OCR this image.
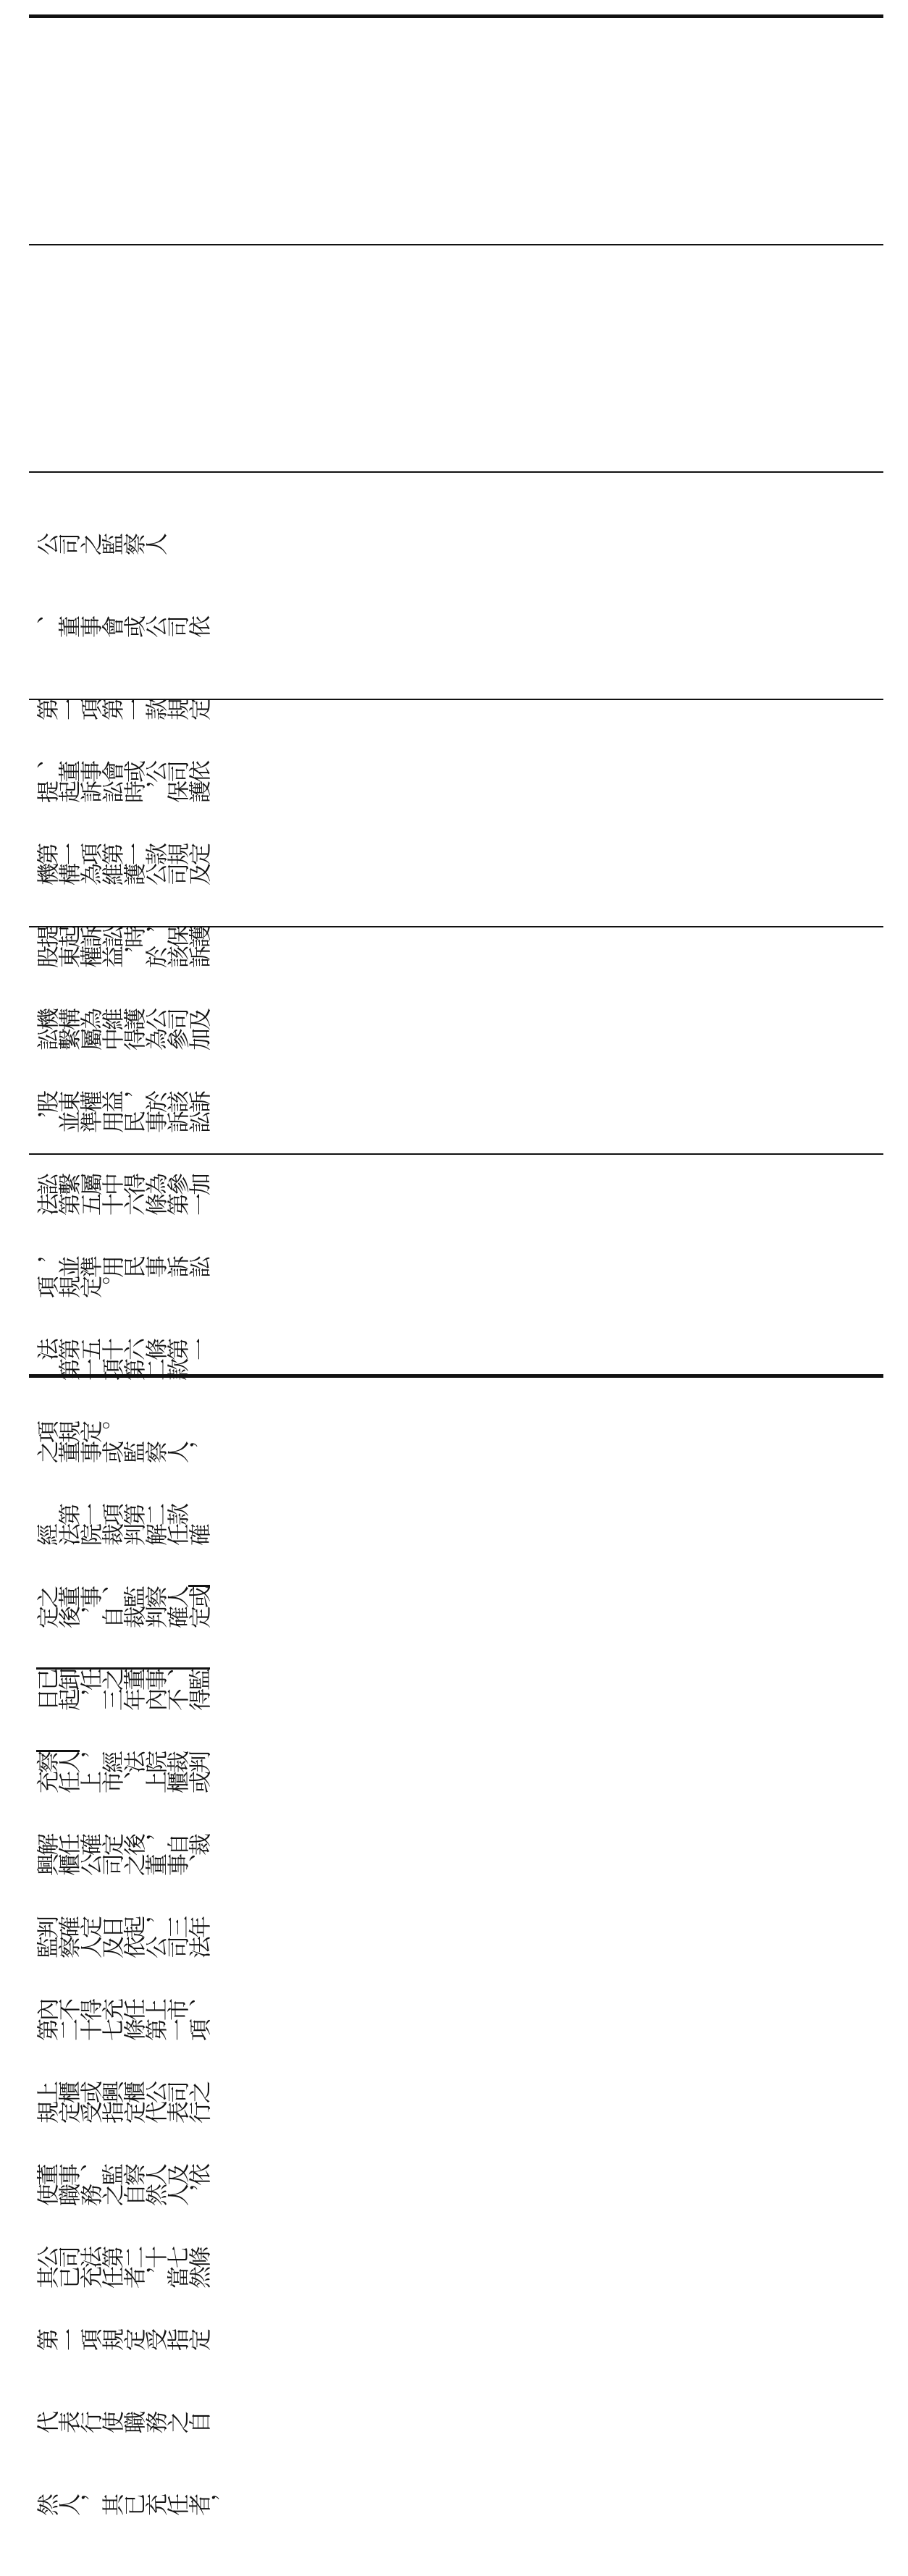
公司之監察人

、董事會或公司依

第一項第一款規定

提起訴訟時，保護

機構為維護公司及

股東權益，於該訴

訟繫屬中得為參加

，並準用民事訴訟

法第五十六條第一

項規定。

　第一項第二款

之董事或監察人，

經法院裁判解任確

定後，自裁判確定

日起，三年內不得

充任上市、上櫃或

興櫃公司之董事、

監察人及依公司法

第二十七條第一項

規定受指定代表行

使職務之自然人，

其已充任者，當然

、董事會或公司依

第一項第一款規定

提起訴訟時，保護

機構為維護公司及

股東權益，於該訴

訟繫屬中得為參加

，並準用民事訴訟

法第五十六條第一

項規定。

　第一項第二款

之董事、監察人或

已卸任之董事、監

察人，經法院裁判

解任確定後，自裁

判確定日起，三年

內不得充任上市、

上櫃或興櫃公司之

董事、監察人及依

公司法第二十七條

第一項規定受指定

代表行使職務之自

然人，其已充任者，
